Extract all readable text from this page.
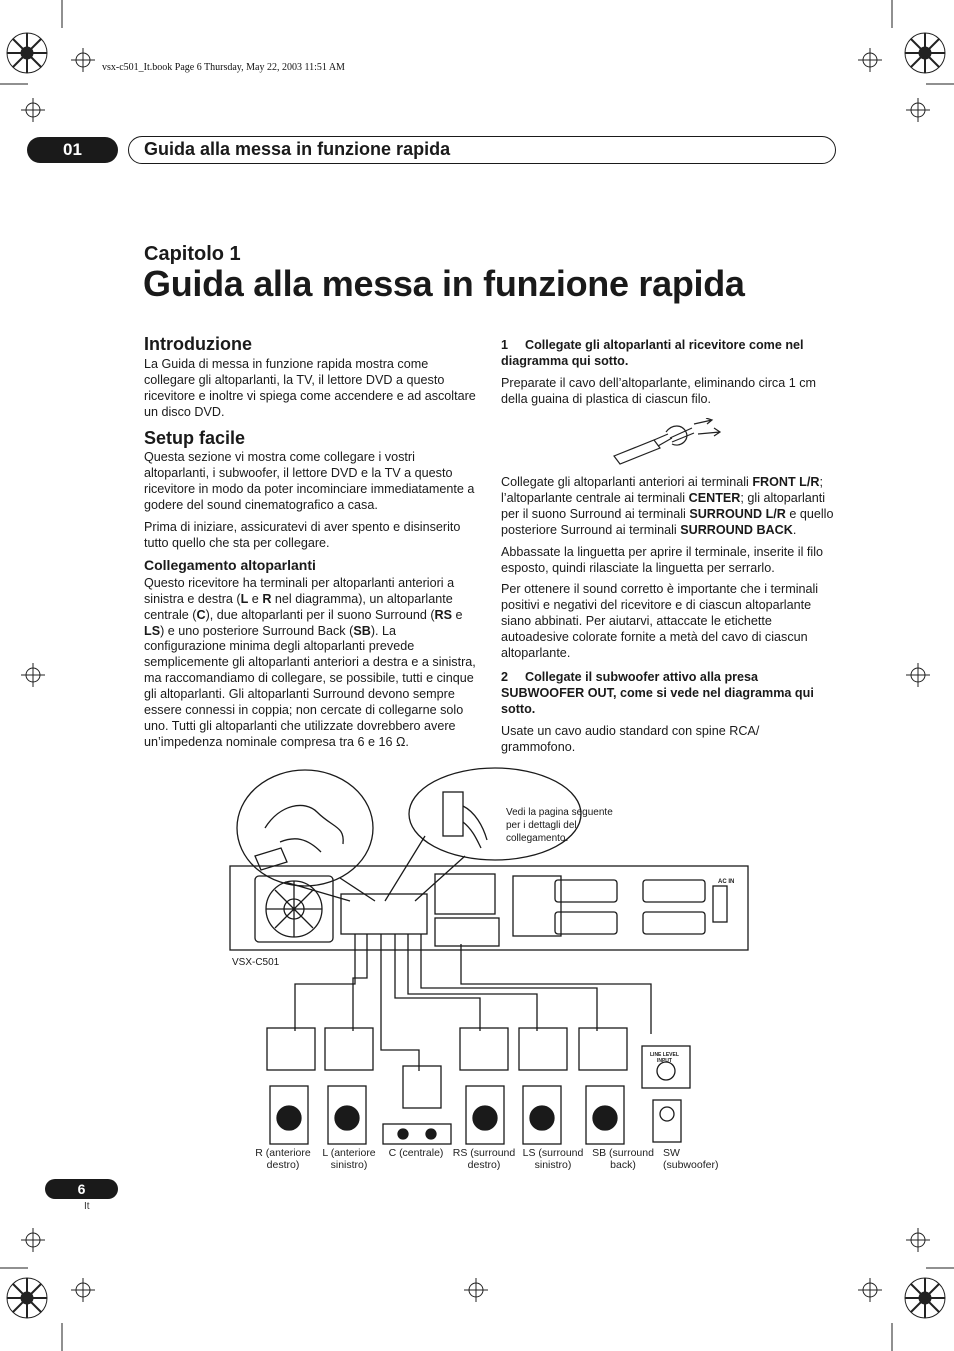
vsx-c501_It.book Page 6 Thursday, May 22, 2003 11:51 AM
01	Guida alla messa in funzione rapida
Capitolo 1
Guida alla messa in funzione rapida
Introduzione

La Guida di messa in funzione rapida mostra come collegare gli altoparlanti, la TV, il lettore DVD a questo ricevitore e inoltre vi spiega come accendere e ad ascoltare un disco DVD.

Setup facile

Questa sezione vi mostra come collegare i vostri altoparlanti, i subwoofer, il lettore DVD e la TV a questo ricevitore in modo da poter incominciare immediatamente a godere del sound cinematografico a casa.

Prima di iniziare, assicuratevi di aver spento e disinserito tutto quello che sta per collegare.

Collegamento altoparlanti

Questo ricevitore ha terminali per altoparlanti anteriori a sinistra e destra (L e R nel diagramma), un altoparlante centrale (C), due altoparlanti per il suono Surround (RS e LS) e uno posteriore Surround Back (SB). La configurazione minima degli altoparlanti prevede semplicemente gli altoparlanti anteriori a destra e a sinistra, ma raccomandiamo di collegare, se possibile, tutti e cinque gli altoparlanti. Gli altoparlanti Surround devono sempre essere connessi in coppia; non cercate di collegarne solo uno. Tutti gli altoparlanti che utilizzate dovrebbero avere un’impedenza nominale compresa tra 6 e 16 Ω.

1 Collegate gli altoparlanti al ricevitore come nel diagramma qui sotto.

Preparate il cavo dell’altoparlante, eliminando circa 1 cm della guaina di plastica di ciascun filo.

Collegate gli altoparlanti anteriori ai terminali FRONT L/R; l’altoparlante centrale ai terminali CENTER; gli altoparlanti per il suono Surround ai terminali SURROUND L/R e quello posteriore Surround ai terminali SURROUND BACK.

Abbassate la linguetta per aprire il terminale, inserite il filo esposto, quindi rilasciate la linguetta per serrarlo.

Per ottenere il sound corretto è importante che i terminali positivi e negativi del ricevitore e di ciascun altoparlante siano abbinati. Per aiutarvi, attaccate le etichette autoadesive colorate fornite a metà del cavo di ciascun altoparlante.

2 Collegate il subwoofer attivo alla presa SUBWOOFER OUT, come si vede nel diagramma qui sotto.

Usate un cavo audio standard con spine RCA/ grammofono.

Vedi la pagina seguente
per i dettagli del
collegamento.
VSX-C501
AC IN
LINE LEVEL
INPUT
R (anteriore
destro)
L (anteriore
sinistro)
C (centrale) RS (surround
destro)
LS (surround
sinistro)
SB (surround
back)
SW
(subwoofer)
6
It
